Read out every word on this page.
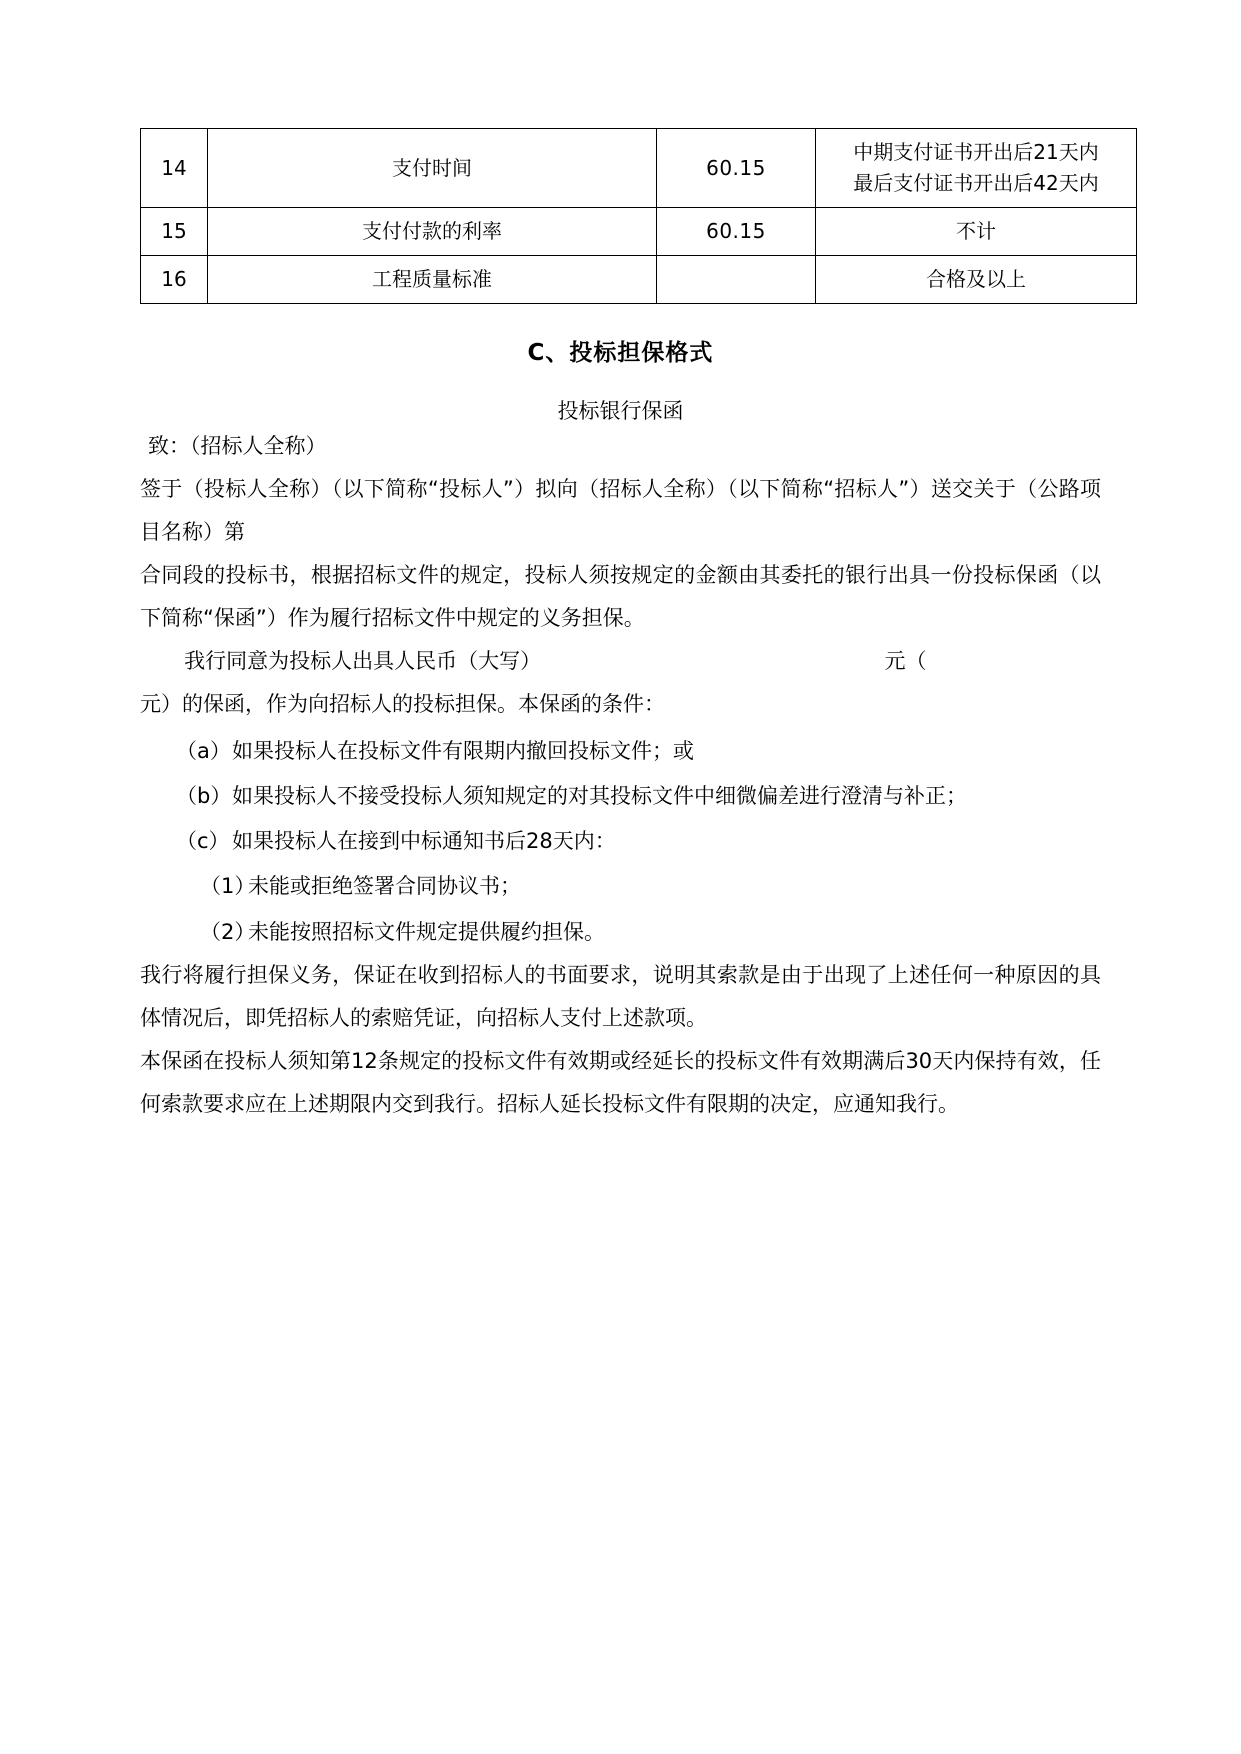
14	支付时间	60.15	中期支付证书开出后21天内
最后支付证书开出后42天内

15	支付付款的利率	60.15	不计
16	工程质量标准		合格及以上
C、投标担保格式
投标银行保函

致：（招标人全称）

签于（投标人全称）（以下简称“投标人”）拟向（招标人全称）（以下简称“招标人”）送交关于（公路项目名称）第

合同段的投标书，根据招标文件的规定，投标人须按规定的金额由其委托的银行出具一份投标保函（以下简称“保函”）作为履行招标文件中规定的义务担保。

我行同意为投标人出具人民币（大写）	元（

元）的保函，作为向招标人的投标担保。本保函的条件：

（a） 如果投标人在投标文件有限期内撤回投标文件；或
（b） 如果投标人不接受投标人须知规定的对其投标文件中细微偏差进行澄清与补正；
（c） 如果投标人在接到中标通知书后28天内：
（1）
未能或拒绝签署合同协议书；
（2）
未能按照招标文件规定提供履约担保。

我行将履行担保义务，保证在收到招标人的书面要求，说明其索款是由于出现了上述任何一种原因的具体情况后，即凭招标人的索赔凭证，向招标人支付上述款项。

本保函在投标人须知第12条规定的投标文件有效期或经延长的投标文件有效期满后30天内保持有效，任何索款要求应在上述期限内交到我行。招标人延长投标文件有限期的决定，应通知我行。
